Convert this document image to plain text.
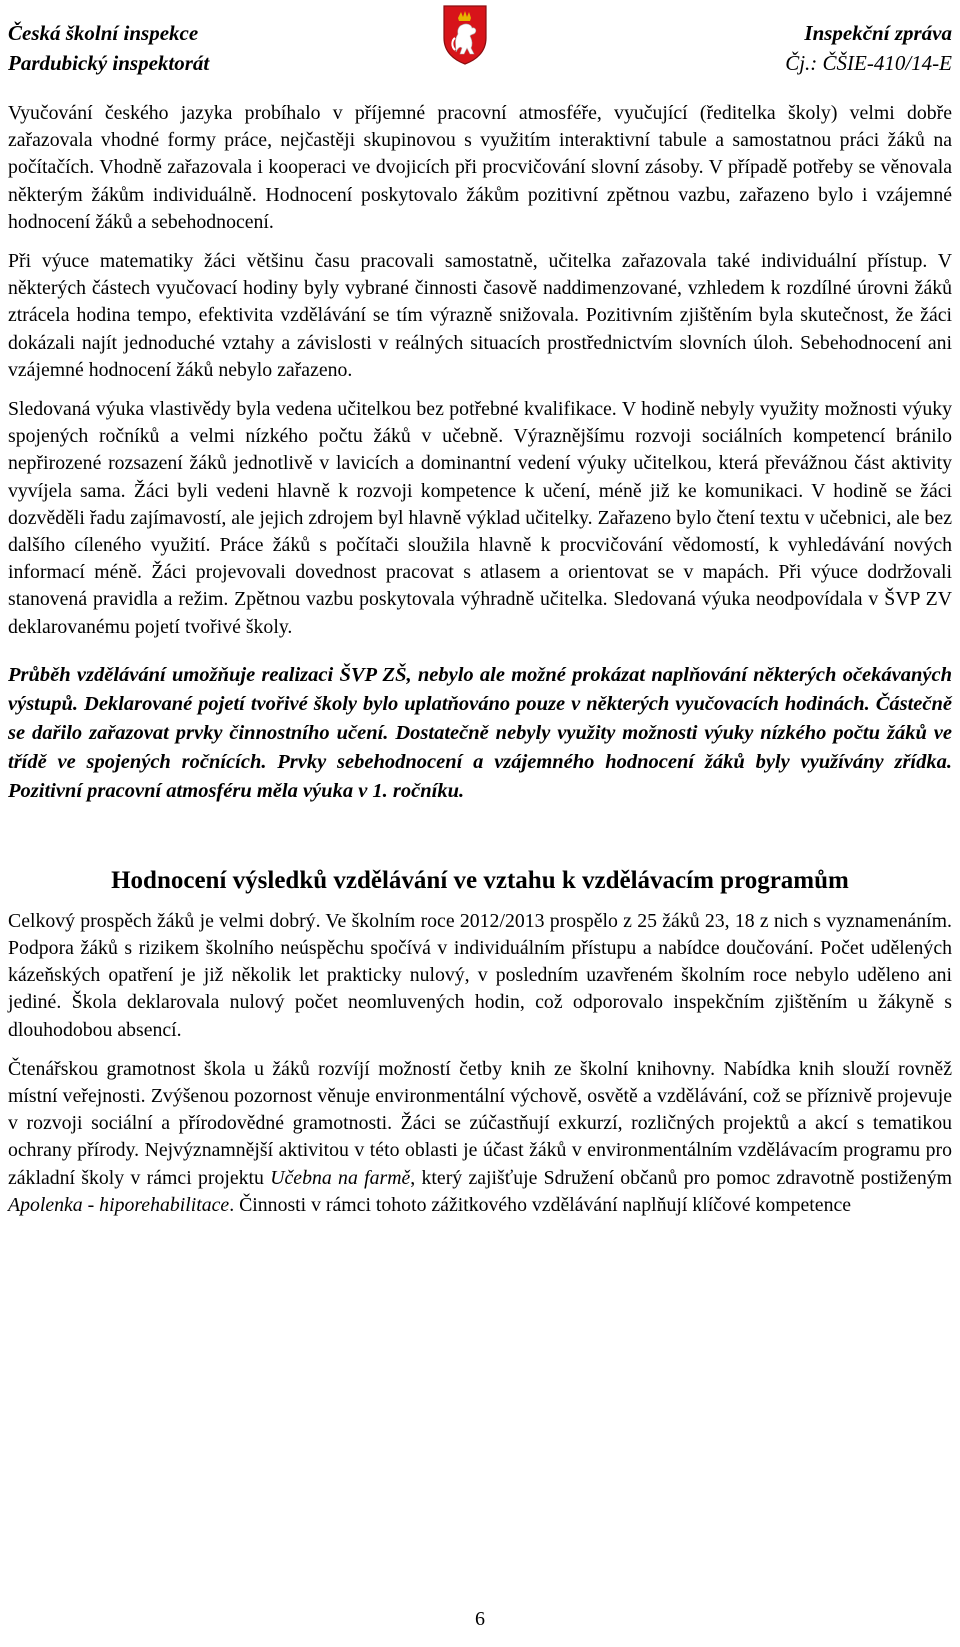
Česká školní inspekce
Pardubický inspektorát
Inspekční zpráva
Čj.: ČŠIE-410/14-E

Vyučování českého jazyka probíhalo v příjemné pracovní atmosféře, vyučující (ředitelka školy) velmi dobře zařazovala vhodné formy práce, nejčastěji skupinovou s využitím interaktivní tabule a samostatnou práci žáků na počítačích. Vhodně zařazovala i kooperaci ve dvojicích při procvičování slovní zásoby. V případě potřeby se věnovala některým žákům individuálně. Hodnocení poskytovalo žákům pozitivní zpětnou vazbu, zařazeno bylo i vzájemné hodnocení žáků a sebehodnocení.

Při výuce matematiky žáci většinu času pracovali samostatně, učitelka zařazovala také individuální přístup. V některých částech vyučovací hodiny byly vybrané činnosti časově naddimenzované, vzhledem k rozdílné úrovni žáků ztrácela hodina tempo, efektivita vzdělávání se tím výrazně snižovala. Pozitivním zjištěním byla skutečnost, že žáci dokázali najít jednoduché vztahy a závislosti v reálných situacích prostřednictvím slovních úloh. Sebehodnocení ani vzájemné hodnocení žáků nebylo zařazeno.

Sledovaná výuka vlastivědy byla vedena učitelkou bez potřebné kvalifikace. V hodině nebyly využity možnosti výuky spojených ročníků a velmi nízkého počtu žáků v učebně. Výraznějšímu rozvoji sociálních kompetencí bránilo nepřirozené rozsazení žáků jednotlivě v lavicích a dominantní vedení výuky učitelkou, která převážnou část aktivity vyvíjela sama. Žáci byli vedeni hlavně k rozvoji kompetence k učení, méně již ke komunikaci. V hodině se žáci dozvěděli řadu zajímavostí, ale jejich zdrojem byl hlavně výklad učitelky. Zařazeno bylo čtení textu v učebnici, ale bez dalšího cíleného využití. Práce žáků s počítači sloužila hlavně k procvičování vědomostí, k vyhledávání nových informací méně. Žáci projevovali dovednost pracovat s atlasem a orientovat se v mapách. Při výuce dodržovali stanovená pravidla a režim. Zpětnou vazbu poskytovala výhradně učitelka. Sledovaná výuka neodpovídala v ŠVP ZV deklarovanému pojetí tvořivé školy.

Průběh vzdělávání umožňuje realizaci ŠVP ZŠ, nebylo ale možné prokázat naplňování některých očekávaných výstupů. Deklarované pojetí tvořivé školy bylo uplatňováno pouze v některých vyučovacích hodinách. Částečně se dařilo zařazovat prvky činnostního učení. Dostatečně nebyly využity možnosti výuky nízkého počtu žáků ve třídě ve spojených ročnících. Prvky sebehodnocení a vzájemného hodnocení žáků byly využívány zřídka. Pozitivní pracovní atmosféru měla výuka v 1. ročníku.

Hodnocení výsledků vzdělávání ve vztahu k vzdělávacím programům

Celkový prospěch žáků je velmi dobrý. Ve školním roce 2012/2013 prospělo z 25 žáků 23, 18 z nich s vyznamenáním. Podpora žáků s rizikem školního neúspěchu spočívá v individuálním přístupu a nabídce doučování. Počet udělených kázeňských opatření je již několik let prakticky nulový, v posledním uzavřeném školním roce nebylo uděleno ani jediné. Škola deklarovala nulový počet neomluvených hodin, což odporovalo inspekčním zjištěním u žákyně s dlouhodobou absencí.

Čtenářskou gramotnost škola u žáků rozvíjí možností četby knih ze školní knihovny. Nabídka knih slouží rovněž místní veřejnosti. Zvýšenou pozornost věnuje environmentální výchově, osvětě a vzdělávání, což se příznivě projevuje v rozvoji sociální a přírodovědné gramotnosti. Žáci se zúčastňují exkurzí, rozličných projektů a akcí s tematikou ochrany přírody. Nejvýznamnější aktivitou v této oblasti je účast žáků v environmentálním vzdělávacím programu pro základní školy v rámci projektu Učebna na farmě, který zajišťuje Sdružení občanů pro pomoc zdravotně postiženým Apolenka - hiporehabilitace. Činnosti v rámci tohoto zážitkového vzdělávání naplňují klíčové kompetence

6
